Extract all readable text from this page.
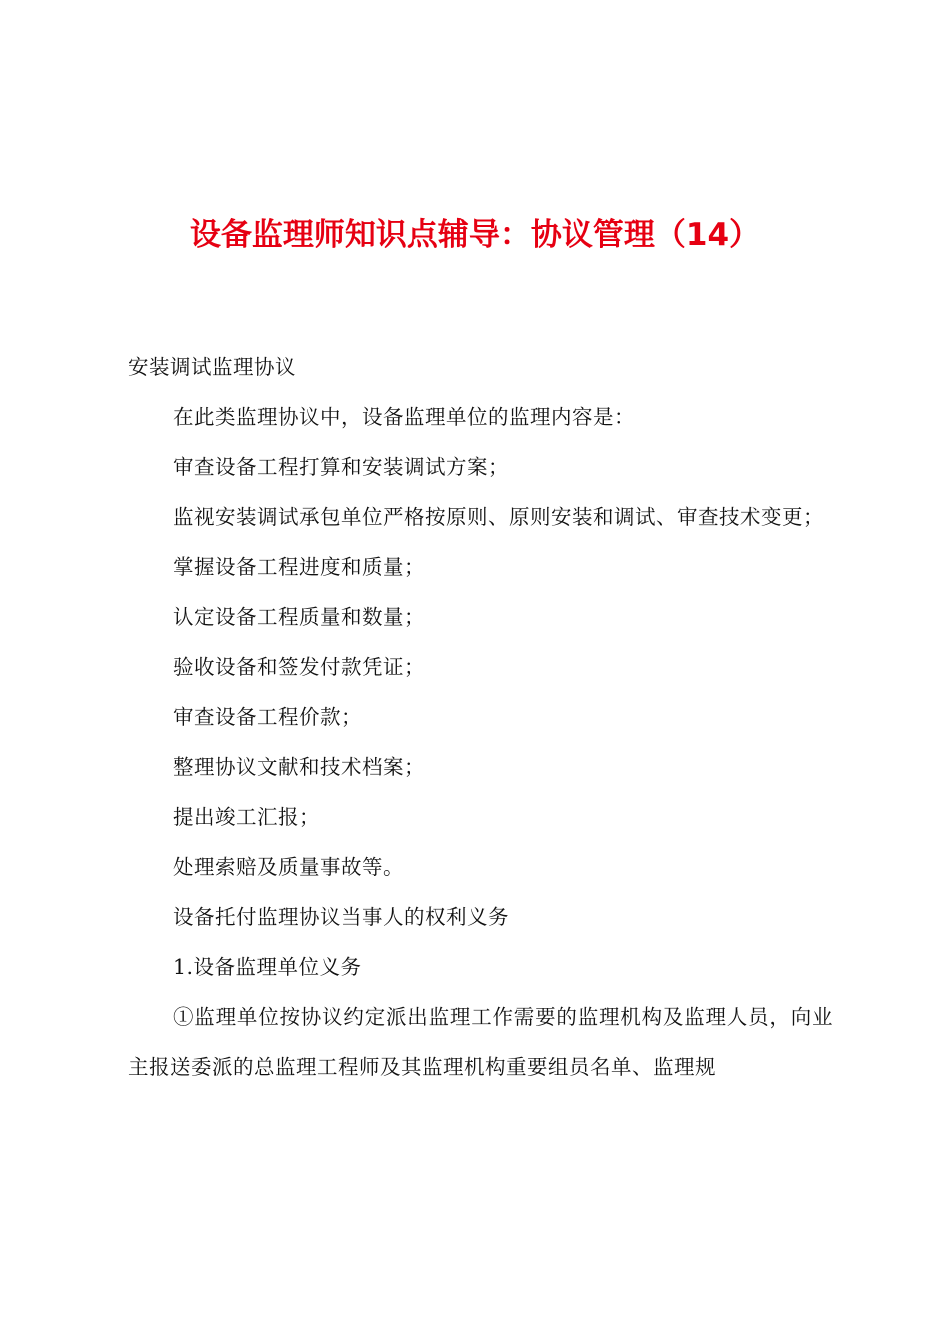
设备监理师知识点辅导：协议管理（14）

安装调试监理协议

在此类监理协议中，设备监理单位的监理内容是：

审查设备工程打算和安装调试方案；

监视安装调试承包单位严格按原则、原则安装和调试、审查技术变更；

掌握设备工程进度和质量；

认定设备工程质量和数量；

验收设备和签发付款凭证；

审查设备工程价款；

整理协议文献和技术档案；

提出竣工汇报；

处理索赔及质量事故等。

设备托付监理协议当事人的权利义务

1.设备监理单位义务

①监理单位按协议约定派出监理工作需要的监理机构及监理人员，向业主报送委派的总监理工程师及其监理机构重要组员名单、监理规
